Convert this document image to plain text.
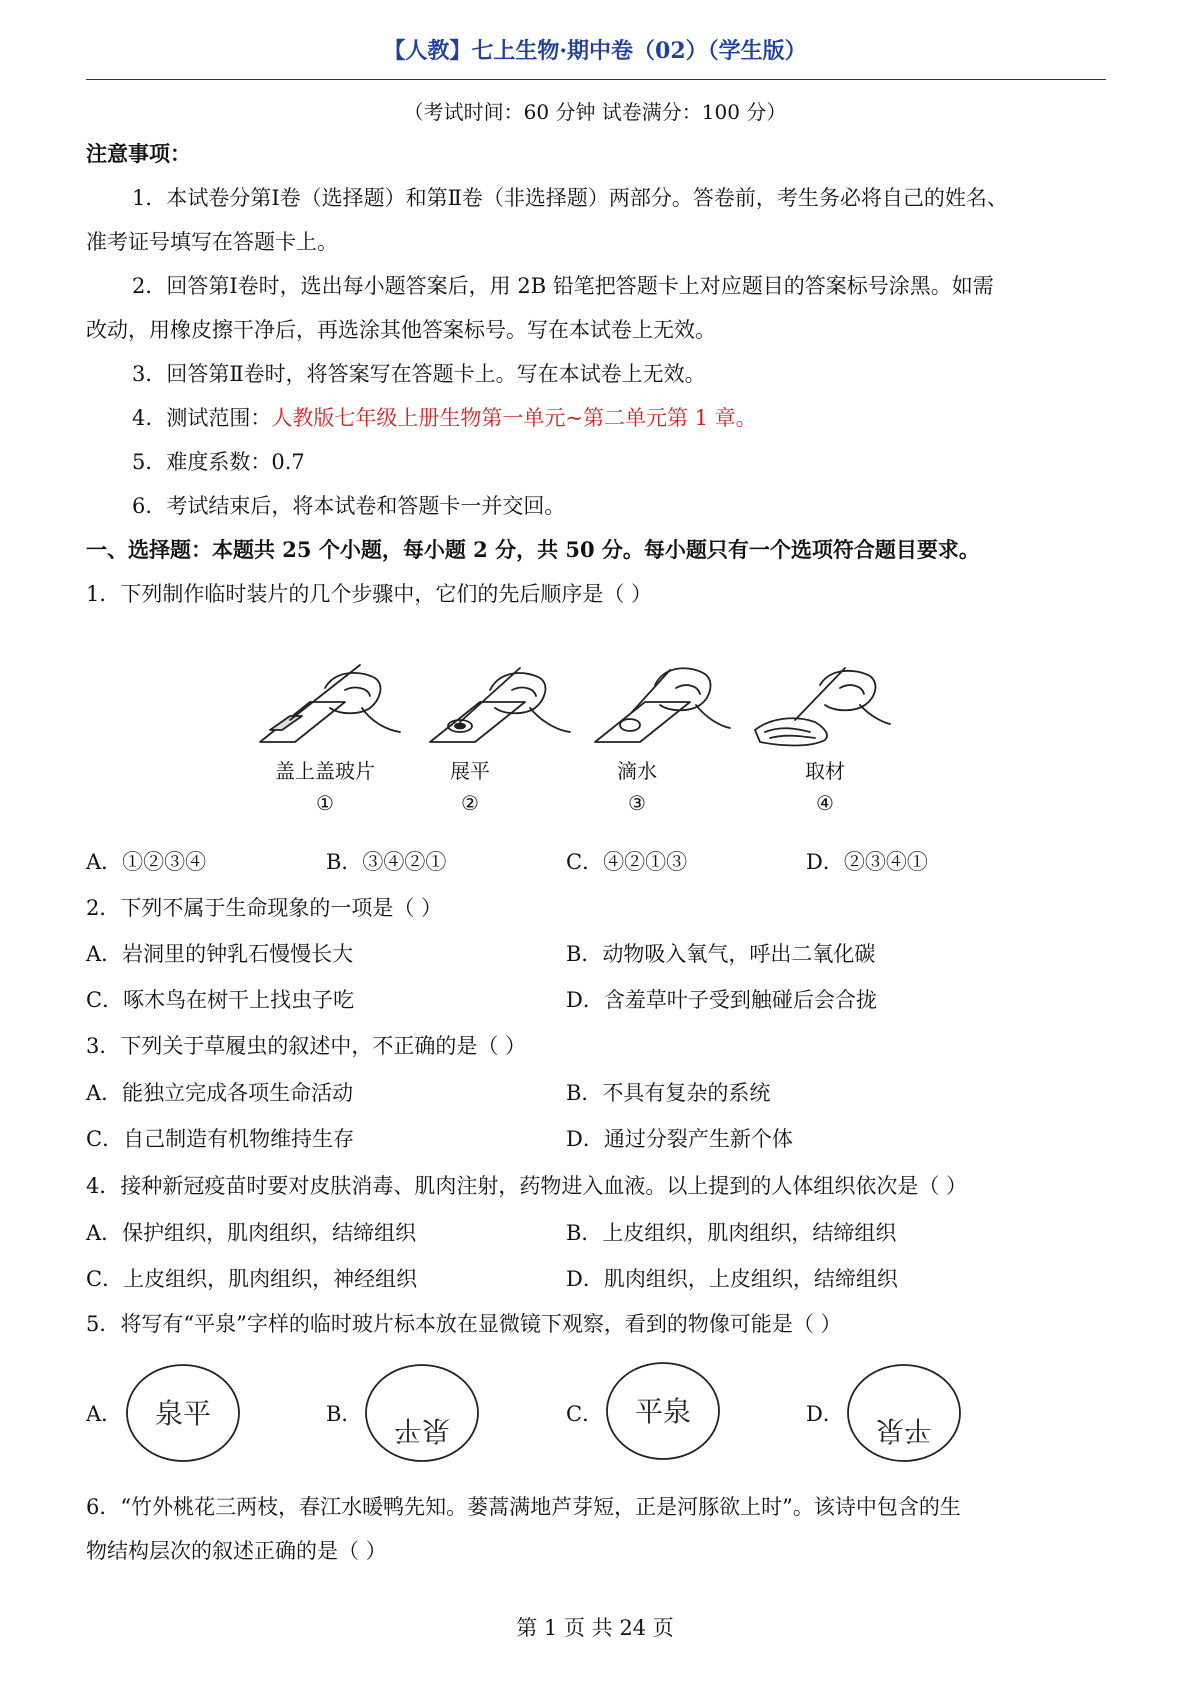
【人教】七上生物·期中卷（02）（学生版）
（考试时间：60 分钟 试卷满分：100 分）
注意事项：
1．本试卷分第Ⅰ卷（选择题）和第Ⅱ卷（非选择题）两部分。答卷前，考生务必将自己的姓名、
准考证号填写在答题卡上。
2．回答第Ⅰ卷时，选出每小题答案后，用 2B 铅笔把答题卡上对应题目的答案标号涂黑。如需
改动，用橡皮擦干净后，再选涂其他答案标号。写在本试卷上无效。
3．回答第Ⅱ卷时，将答案写在答题卡上。写在本试卷上无效。
4．测试范围：人教版七年级上册生物第一单元~第二单元第 1 章。
5．难度系数：0.7
6．考试结束后，将本试卷和答题卡一并交回。
一、选择题：本题共 25 个小题，每小题 2 分，共 50 分。每小题只有一个选项符合题目要求。
1．下列制作临时装片的几个步骤中，它们的先后顺序是（ ）
盖上盖玻片
①
展平
②
滴水
③
取材
④
A．①②③④	B．③④②①	C．④②①③	D．②③④①
2．下列不属于生命现象的一项是（ ）
A．岩洞里的钟乳石慢慢长大	B．动物吸入氧气，呼出二氧化碳
C．啄木鸟在树干上找虫子吃	D．含羞草叶子受到触碰后会合拢
3．下列关于草履虫的叙述中，不正确的是（ ）
A．能独立完成各项生命活动	B．不具有复杂的系统
C．自己制造有机物维持生存	D．通过分裂产生新个体
4．接种新冠疫苗时要对皮肤消毒、肌肉注射，药物进入血液。以上提到的人体组织依次是（ ）
A．保护组织，肌肉组织，结缔组织	B．上皮组织，肌肉组织，结缔组织
C．上皮组织，肌肉组织，神经组织	D．肌肉组织，上皮组织，结缔组织
5．将写有“平泉”字样的临时玻片标本放在显微镜下观察，看到的物像可能是（ ）
A．	B．	C．	D．
泉平
泉平
平泉
平泉
6．“竹外桃花三两枝，春江水暖鸭先知。蒌蒿满地芦芽短，正是河豚欲上时”。该诗中包含的生
物结构层次的叙述正确的是（ ）
第 1 页 共 24 页
